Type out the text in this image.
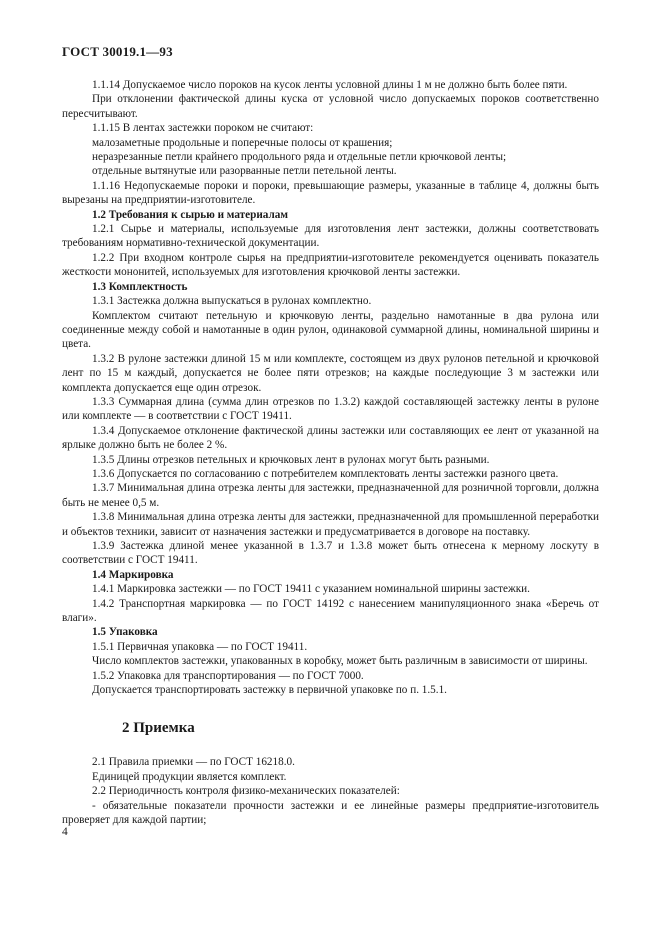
ГОСТ 30019.1—93

1.1.14 Допускаемое число пороков на кусок ленты условной длины 1 м не должно быть более пяти.

При отклонении фактической длины куска от условной число допускаемых пороков соответственно пересчитывают.

1.1.15 В лентах застежки пороком не считают:

малозаметные продольные и поперечные полосы от крашения;

неразрезанные петли крайнего продольного ряда и отдельные петли крючковой ленты;

отдельные вытянутые или разорванные петли петельной ленты.

1.1.16 Недопускаемые пороки и пороки, превышающие размеры, указанные в таблице 4, должны быть вырезаны на предприятии-изготовителе.

1.2 Требования к сырью и материалам

1.2.1 Сырье и материалы, используемые для изготовления лент застежки, должны соответствовать требованиям нормативно-технической документации.

1.2.2 При входном контроле сырья на предприятии-изготовителе рекомендуется оценивать показатель жесткости мононитей, используемых для изготовления крючковой ленты застежки.

1.3 Комплектность

1.3.1 Застежка должна выпускаться в рулонах комплектно.

Комплектом считают петельную и крючковую ленты, раздельно намотанные в два рулона или соединенные между собой и намотанные в один рулон, одинаковой суммарной длины, номинальной ширины и цвета.

1.3.2 В рулоне застежки длиной 15 м или комплекте, состоящем из двух рулонов петельной и крючковой лент по 15 м каждый, допускается не более пяти отрезков; на каждые последующие 3 м застежки или комплекта допускается еще один отрезок.

1.3.3 Суммарная длина (сумма длин отрезков по 1.3.2) каждой составляющей застежку ленты в рулоне или комплекте — в соответствии с ГОСТ 19411.

1.3.4 Допускаемое отклонение фактической длины застежки или составляющих ее лент от указанной на ярлыке должно быть не более 2 %.

1.3.5 Длины отрезков петельных и крючковых лент в рулонах могут быть разными.

1.3.6 Допускается по согласованию с потребителем комплектовать ленты застежки разного цвета.

1.3.7 Минимальная длина отрезка ленты для застежки, предназначенной для розничной торговли, должна быть не менее 0,5 м.

1.3.8 Минимальная длина отрезка ленты для застежки, предназначенной для промышленной переработки и объектов техники, зависит от назначения застежки и предусматривается в договоре на поставку.

1.3.9 Застежка длиной менее указанной в 1.3.7 и 1.3.8 может быть отнесена к мерному лоскуту в соответствии с ГОСТ 19411.

1.4 Маркировка

1.4.1 Маркировка застежки — по ГОСТ 19411 с указанием номинальной ширины застежки.

1.4.2 Транспортная маркировка — по ГОСТ 14192 с нанесением манипуляционного знака «Беречь от влаги».

1.5 Упаковка

1.5.1 Первичная упаковка — по ГОСТ 19411.

Число комплектов застежки, упакованных в коробку, может быть различным в зависимости от ширины.

1.5.2 Упаковка для транспортирования — по ГОСТ 7000.

Допускается транспортировать застежку в первичной упаковке по п. 1.5.1.

2 Приемка

2.1 Правила приемки — по ГОСТ 16218.0.

Единицей продукции является комплект.

2.2 Периодичность контроля физико-механических показателей:

- обязательные показатели прочности застежки и ее линейные размеры предприятие-изготовитель проверяет для каждой партии;

4
